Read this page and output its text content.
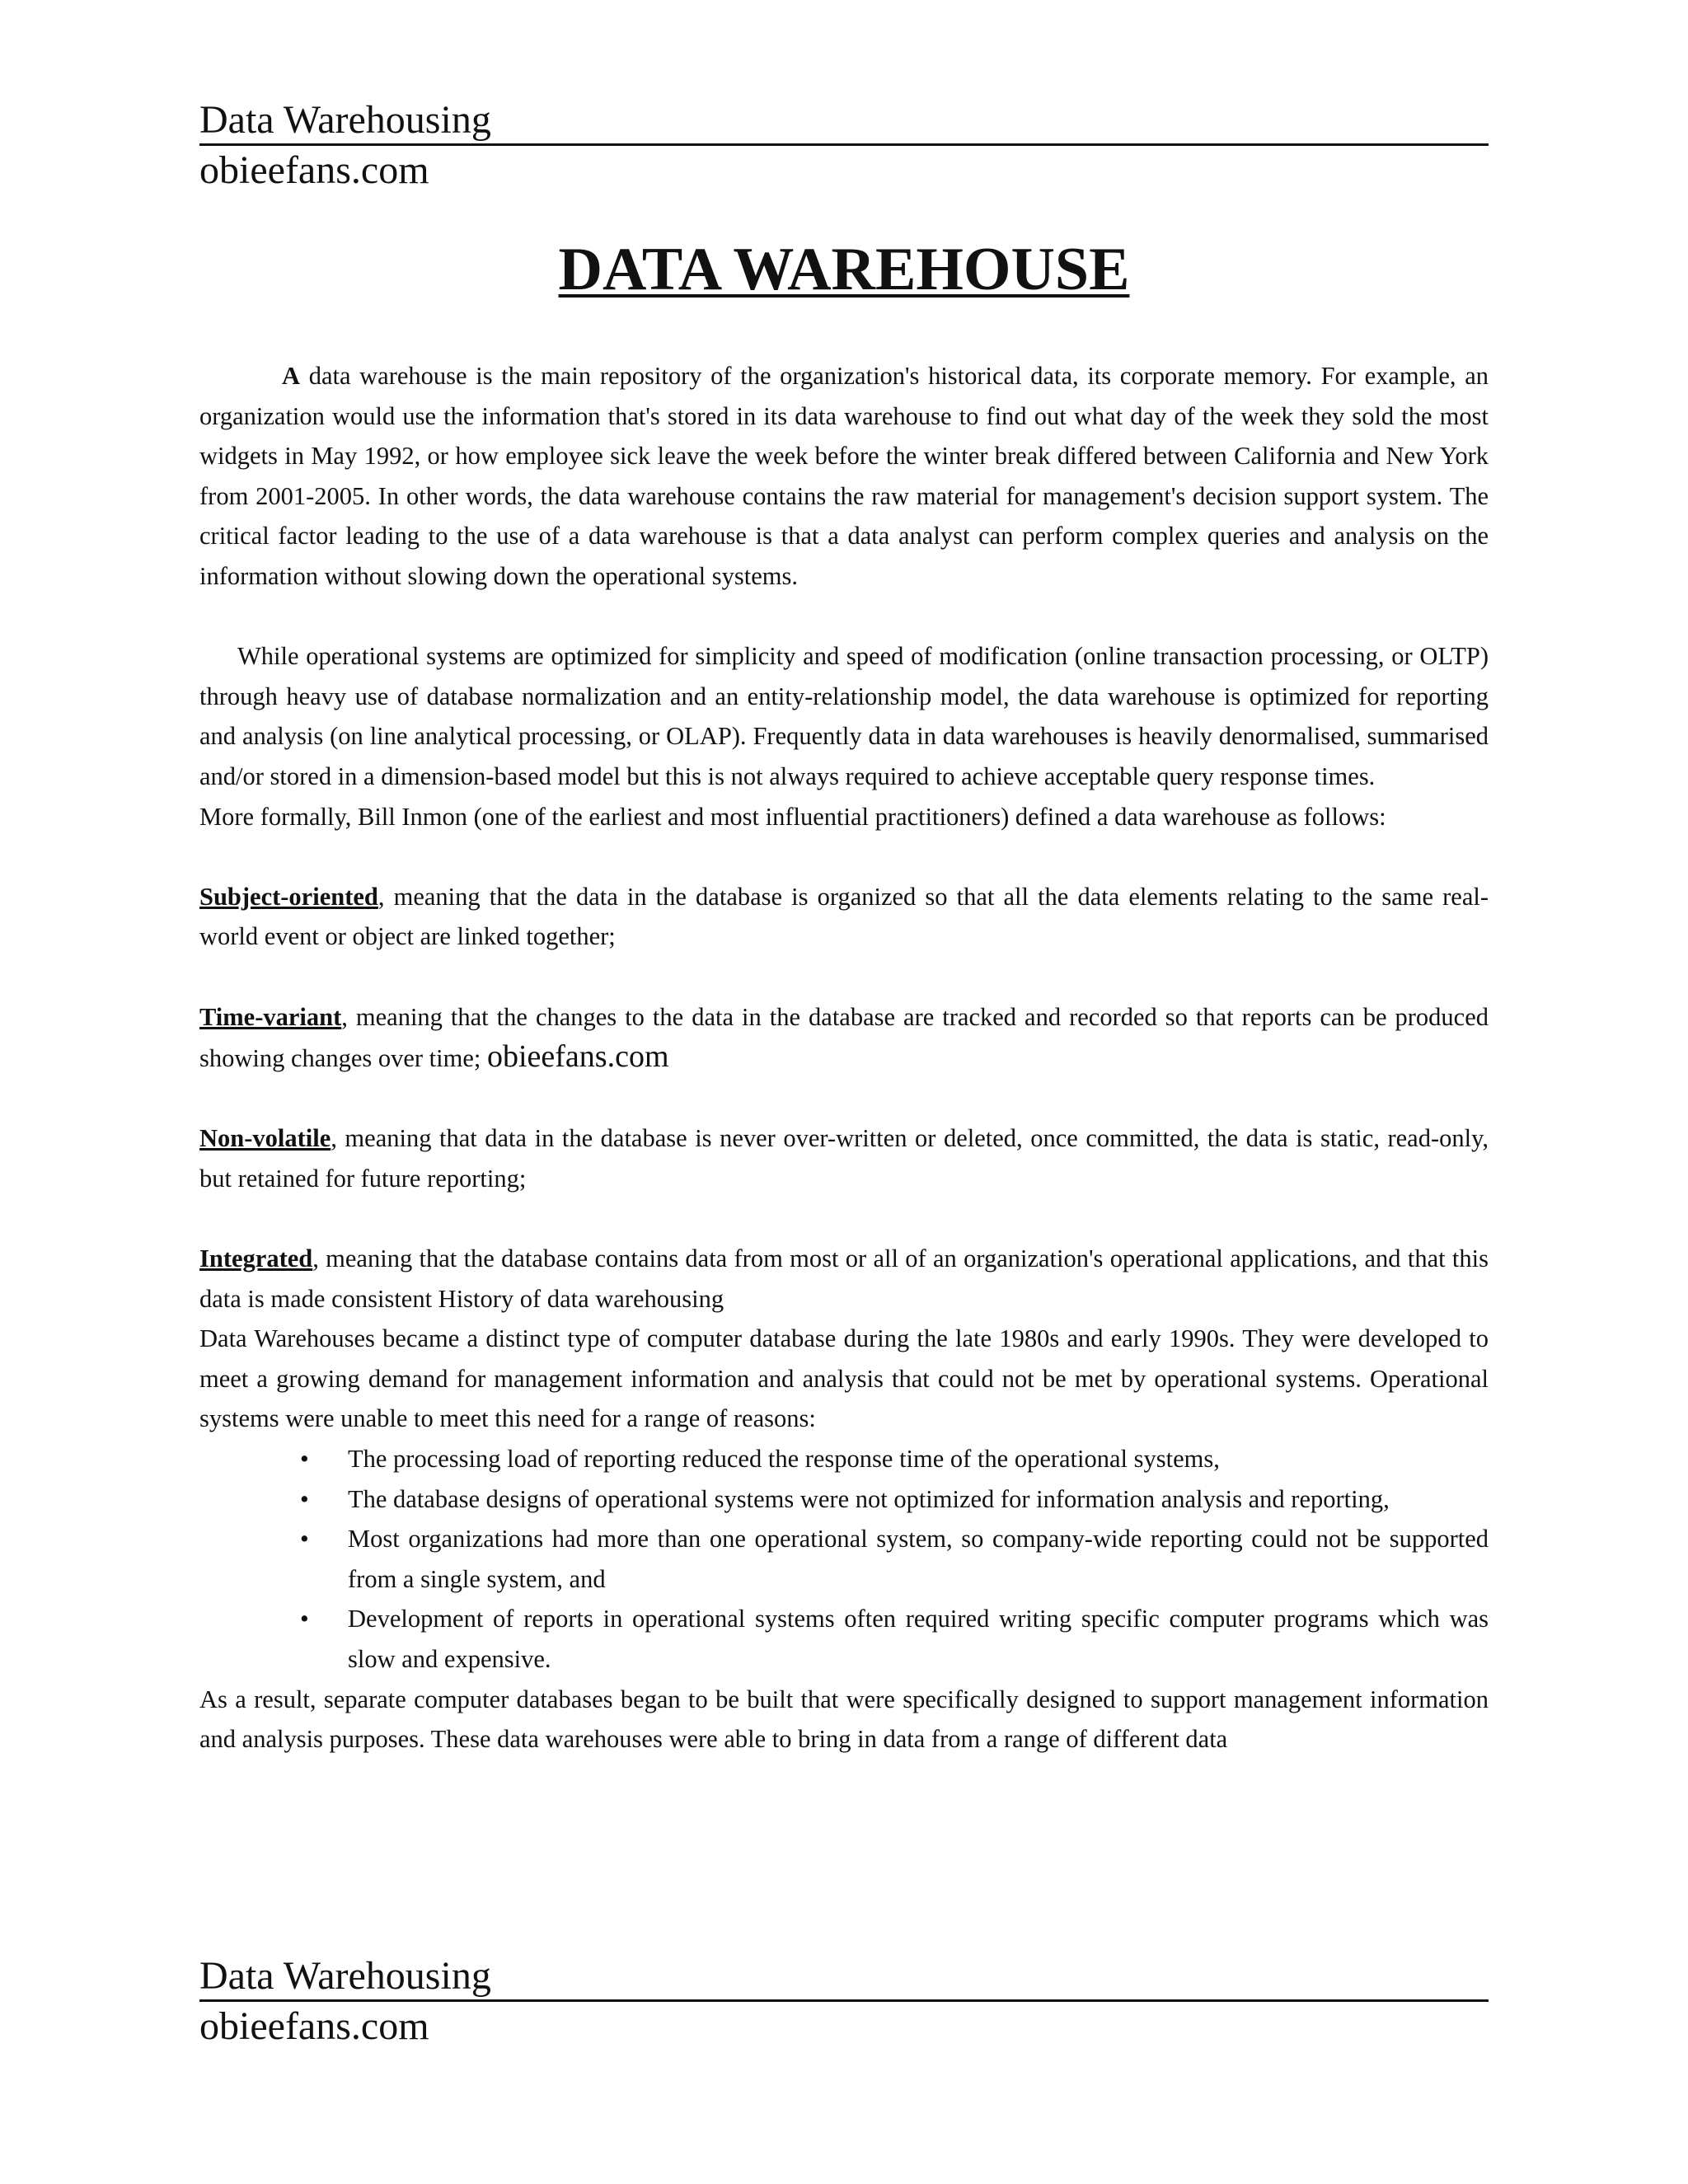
Data Warehousing
obieefans.com
DATA WAREHOUSE

A data warehouse is the main repository of the organization's historical data, its corporate memory. For example, an organization would use the information that's stored in its data warehouse to find out what day of the week they sold the most widgets in May 1992, or how employee sick leave the week before the winter break differed between California and New York from 2001-2005. In other words, the data warehouse contains the raw material for management's decision support system. The critical factor leading to the use of a data warehouse is that a data analyst can perform complex queries and analysis on the information without slowing down the operational systems.

While operational systems are optimized for simplicity and speed of modification (online transaction processing, or OLTP) through heavy use of database normalization and an entity-relationship model, the data warehouse is optimized for reporting and analysis (on line analytical processing, or OLAP). Frequently data in data warehouses is heavily denormalised, summarised and/or stored in a dimension-based model but this is not always required to achieve acceptable query response times.

More formally, Bill Inmon (one of the earliest and most influential practitioners) defined a data warehouse as follows:

Subject-oriented, meaning that the data in the database is organized so that all the data elements relating to the same real-world event or object are linked together;

Time-variant, meaning that the changes to the data in the database are tracked and recorded so that reports can be produced showing changes over time; obieefans.com

Non-volatile, meaning that data in the database is never over-written or deleted, once committed, the data is static, read-only, but retained for future reporting;

Integrated, meaning that the database contains data from most or all of an organization's operational applications, and that this data is made consistent History of data warehousing

Data Warehouses became a distinct type of computer database during the late 1980s and early 1990s. They were developed to meet a growing demand for management information and analysis that could not be met by operational systems. Operational systems were unable to meet this need for a range of reasons:

• The processing load of reporting reduced the response time of the operational systems,
• The database designs of operational systems were not optimized for information analysis and reporting,
• Most organizations had more than one operational system, so company-wide reporting could not be supported from a single system, and
• Development of reports in operational systems often required writing specific computer programs which was slow and expensive.

As a result, separate computer databases began to be built that were specifically designed to support management information and analysis purposes. These data warehouses were able to bring in data from a range of different data

Data Warehousing
obieefans.com
